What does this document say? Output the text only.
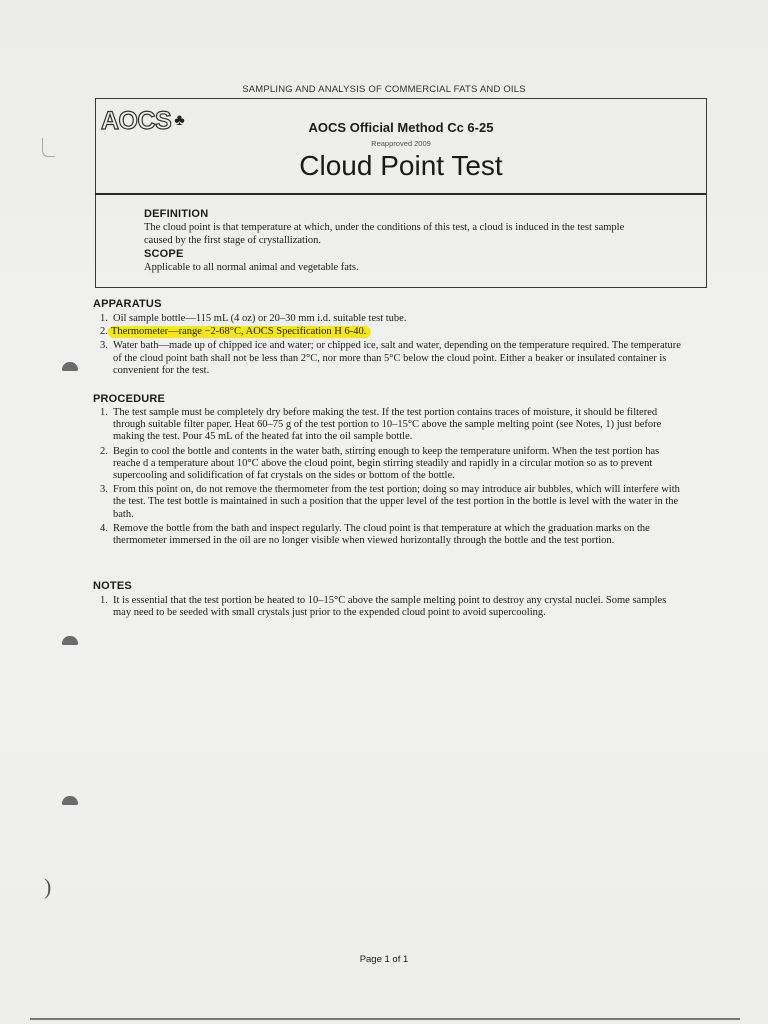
SAMPLING AND ANALYSIS OF COMMERCIAL FATS AND OILS
AOCS ♣	AOCS Official Method Cc 6-25
Reapproved 2009
Cloud Point Test
DEFINITION
The cloud point is that temperature at which, under the conditions of this test, a cloud is induced in the test sample caused by the first stage of crystallization.
SCOPE
Applicable to all normal animal and vegetable fats.
APPARATUS
1. Oil sample bottle—115 mL (4 oz) or 20–30 mm i.d. suitable test tube.
2. Thermometer—range −2-68°C, AOCS Specification H 6-40.
3. Water bath—made up of chipped ice and water; or chipped ice, salt and water, depending on the temperature required. The temperature of the cloud point bath shall not be less than 2°C, nor more than 5°C below the cloud point. Either a beaker or insulated container is convenient for the test.
PROCEDURE
1. The test sample must be completely dry before making the test. If the test portion contains traces of moisture, it should be filtered through suitable filter paper. Heat 60–75 g of the test portion to 10–15°C above the sample melting point (see Notes, 1) just before making the test. Pour 45 mL of the heated fat into the oil sample bottle.
2. Begin to cool the bottle and contents in the water bath, stirring enough to keep the temperature uniform. When the test portion has reache d a temperature about 10°C above the cloud point, begin stirring steadily and rapidly in a circular motion so as to prevent supercooling and solidification of fat crystals on the sides or bottom of the bottle.
3. From this point on, do not remove the thermometer from the test portion; doing so may introduce air bubbles, which will interfere with the test. The test bottle is maintained in such a position that the upper level of the test portion in the bottle is level with the water in the bath.
4. Remove the bottle from the bath and inspect regularly. The cloud point is that temperature at which the graduation marks on the thermometer immersed in the oil are no longer visible when viewed horizontally through the bottle and the test portion.
NOTES
1. It is essential that the test portion be heated to 10–15°C above the sample melting point to destroy any crystal nuclei. Some samples may need to be seeded with small crystals just prior to the expended cloud point to avoid supercooling.
)
Page 1 of 1
